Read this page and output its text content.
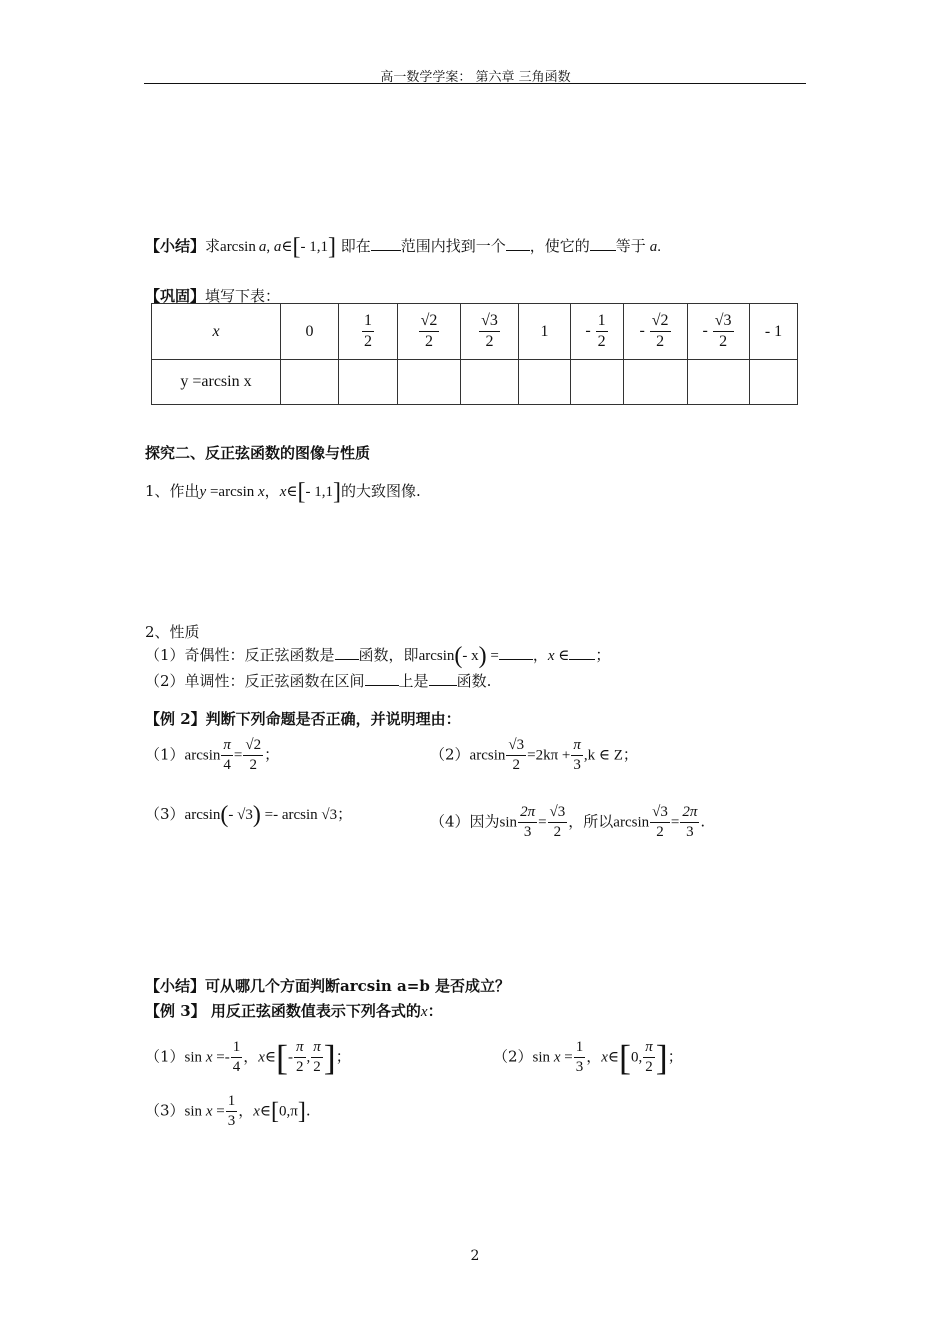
高一数学学案： 第六章 三角函数
【小结】求arcsin a, a∈[- 1,1] 即在 范围内找到一个 ，使它的 等于 a.
【巩固】填写下表：
x	0	$\frac{1}{2}$	$\frac{√2}{2}$	$\frac{√3}{2}$	1	- $\frac{1}{2}$	- $\frac{√2}{2}$	- $\frac{√3}{2}$	- 1
y =arcsin x									
探究二、反正弦函数的图像与性质
1、作出y =arcsin x，x∈[- 1,1]的大致图像.
2、性质
（1）奇偶性：反正弦函数是 函数，即arcsin(- x) = ，x ∈ ；
（2）单调性：反正弦函数在区间 上是 函数.
【例 2】判断下列命题是否正确，并说明理由：
$(1)\arcsin \frac{\pi}{4} = \frac{√2}{2}$ ；	$(2)\arcsin \frac{√3}{2} =2k\pi + \frac{\pi}{3} ,k$ ∈ Z；
（3）arcsin(- √3) =- arcsin √3；	（4）因为$\sin \frac{2\pi}{3} = \frac{√3}{2}$ ，所以$\arcsin \frac{√3}{2} = \frac{2\pi}{3}$ .
【小结】可从哪几个方面判断arcsin a=b 是否成立？
【例 3】 用反正弦函数值表示下列各式的x：
（1）sin $x =- \frac{1}{4}$ ，x∈[- $\frac{\pi}{2}$ , $\frac{\pi}{2}$ ]；	（2）sin $x = \frac{1}{3}$ ，x∈[0, $\frac{\pi}{2}$ ]；
（3）sin $x = \frac{1}{3}$ ，x∈[0,π].
2
